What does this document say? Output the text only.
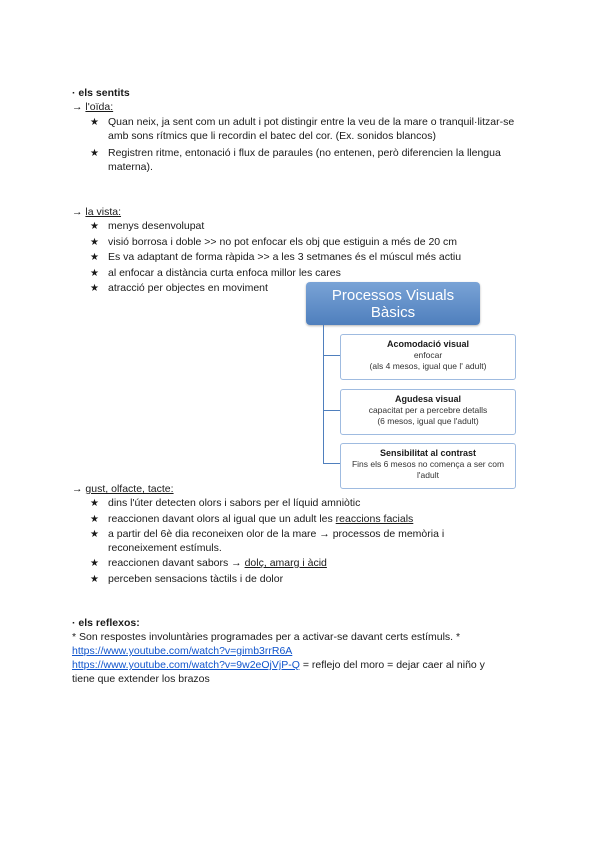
· els sentits
→ l'oïda:
★ Quan neix, ja sent com un adult i pot distingir entre la veu de la mare o tranquil·litzar-se amb sons rítmics que li recordin el batec del cor. (Ex. sonidos blancos)
★ Registren ritme, entonació i flux de paraules (no entenen, però diferencien la llengua materna).
→ la vista:
★ menys desenvolupat
★ visió borrosa i doble >> no pot enfocar els obj que estiguin a més de 20 cm
★ Es va adaptant de forma ràpida >> a les 3 setmanes és el múscul més actiu
★ al enfocar a distància curta enfoca millor les cares
★ atracció per objectes en moviment	Processos Visuals
Bàsics
Acomodació visual
enfocar
(als 4 mesos, igual que l' adult)
Agudesa visual
capacitat per a percebre detalls
(6 mesos, igual que l'adult)
Sensibilitat al contrast
Fins els 6 mesos no comença a ser com
l'adult
→ gust, olfacte, tacte:
★ dins l'úter detecten olors i sabors per el líquid amniòtic
★ reaccionen davant olors al igual que un adult les reaccions facials
★ a partir del 6è dia reconeixen olor de la mare → processos de memòria i reconeixement estímuls.
★ reaccionen davant sabors → dolç, amarg i àcid
★ perceben sensacions tàctils i de dolor
· els reflexos:
* Son respostes involuntàries programades per a activar-se davant certs estímuls. *
https://www.youtube.com/watch?v=gimb3rrR6A
https://www.youtube.com/watch?v=9w2eOjVjP-Q = reflejo del moro = dejar caer al niño y
tiene que extender los brazos
